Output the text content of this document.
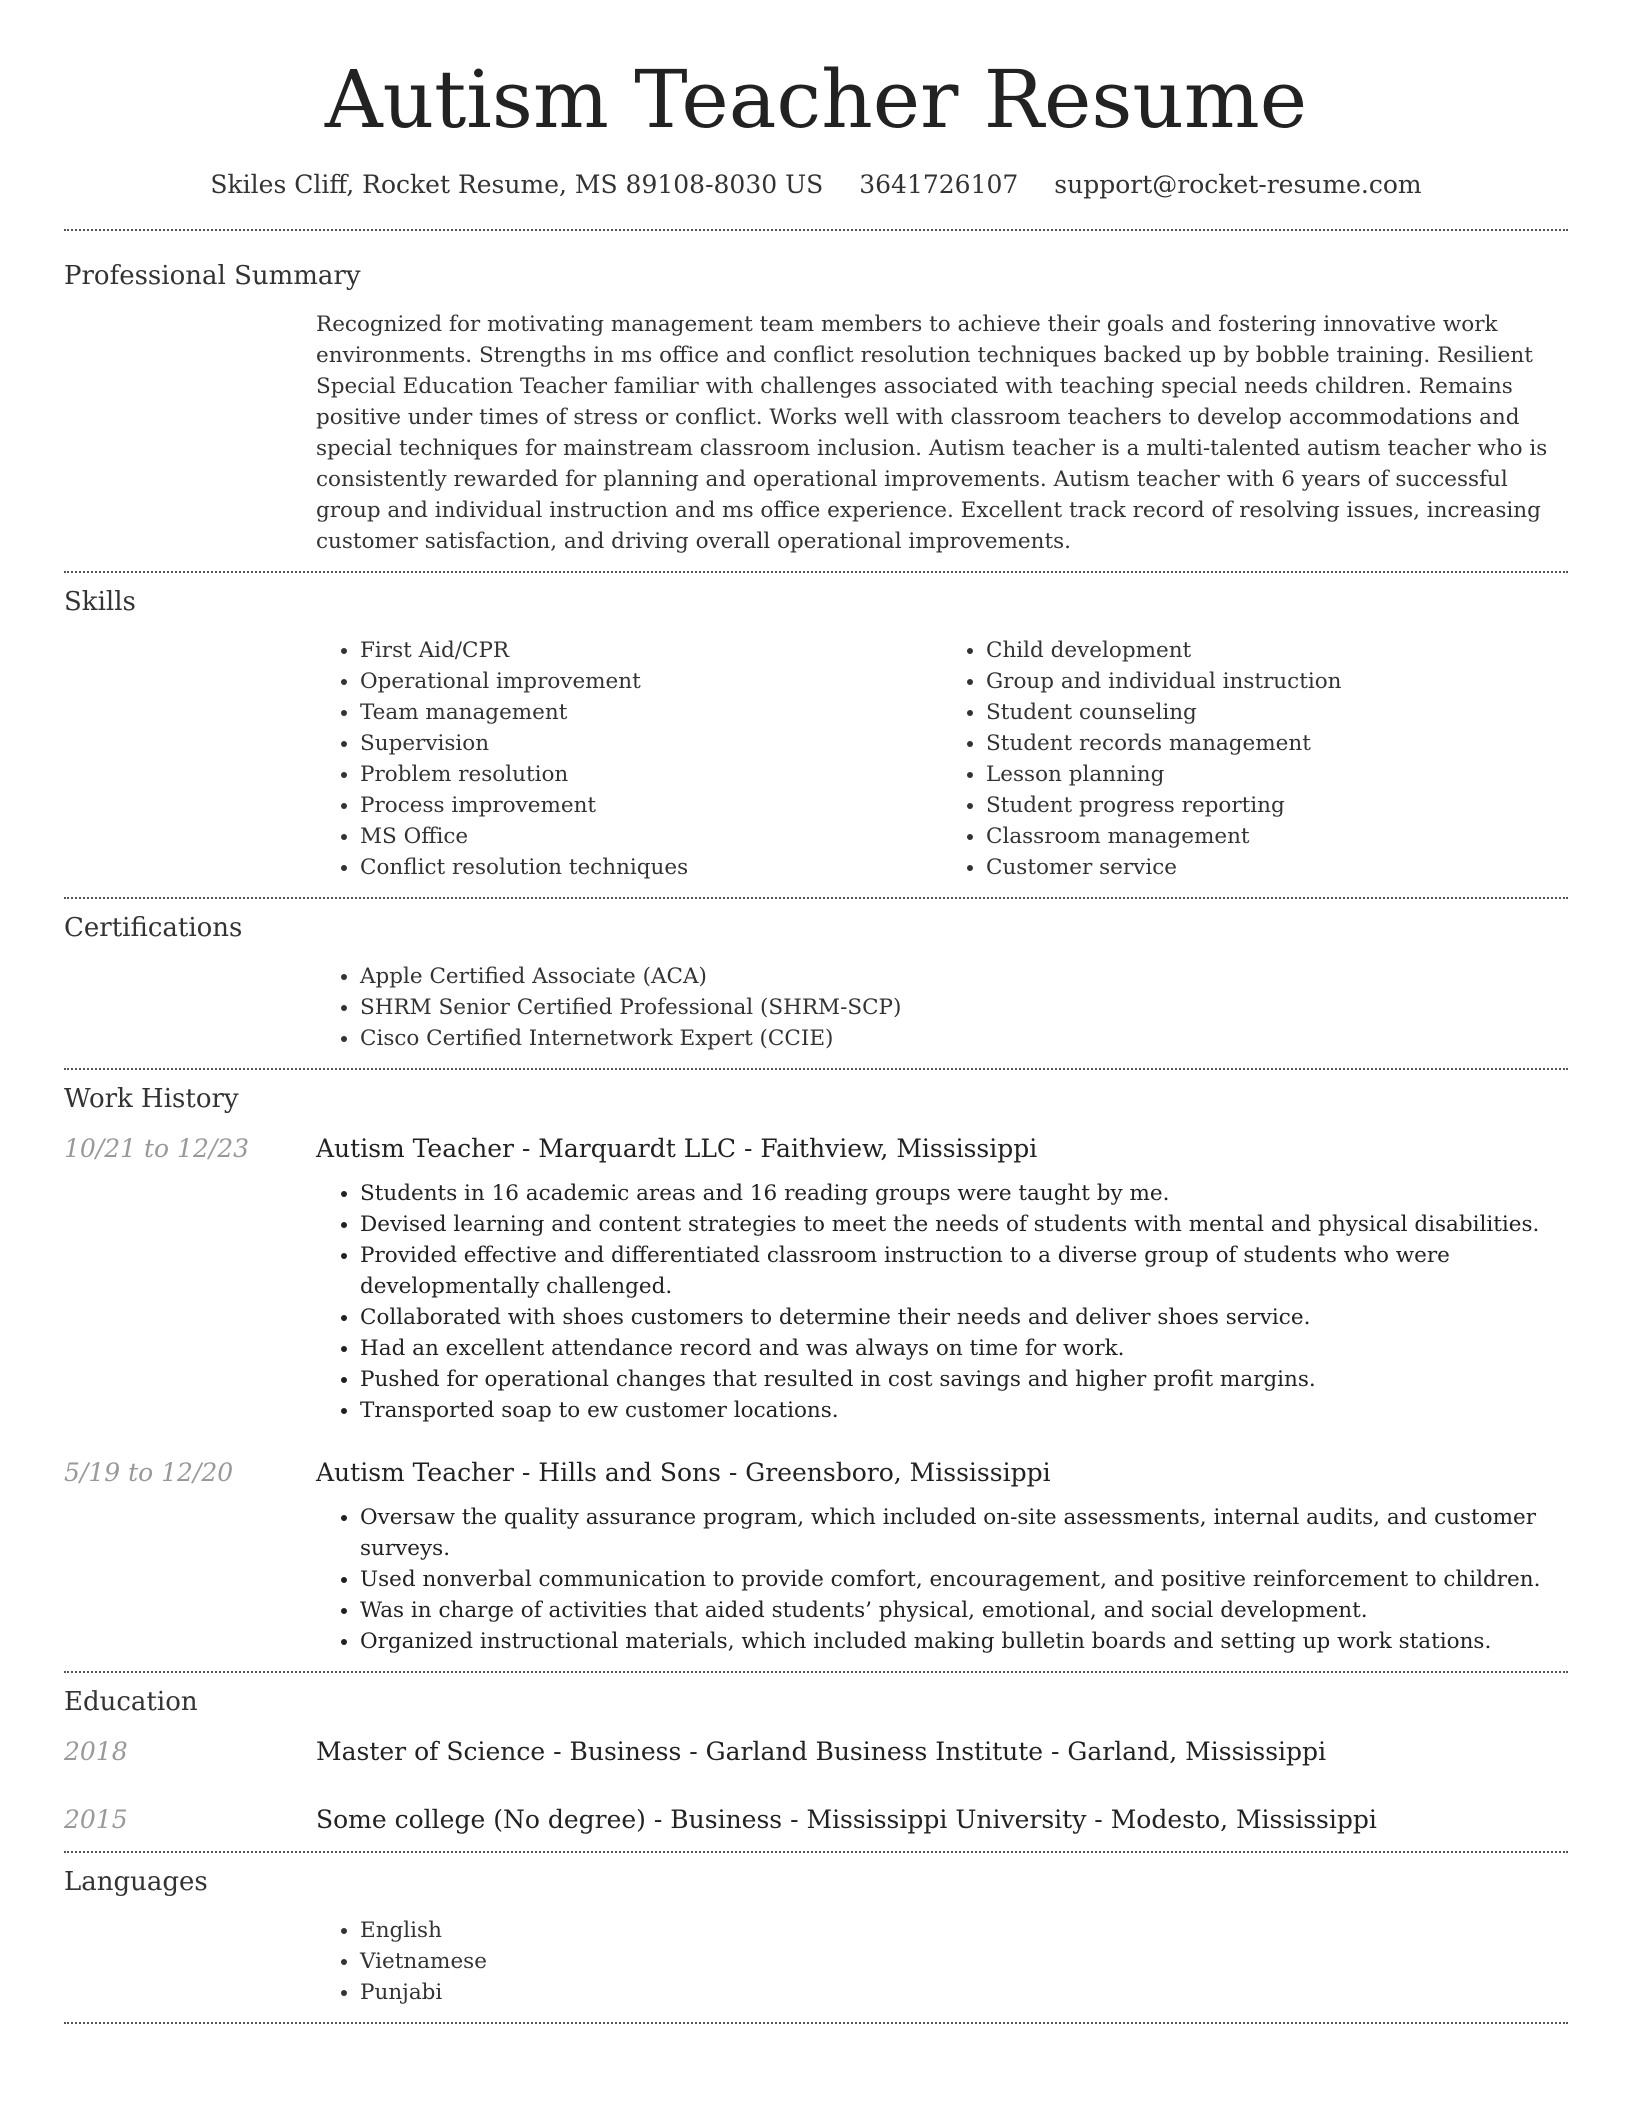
Autism Teacher Resume
Skiles Cliff, Rocket Resume, MS 89108-8030 US 3641726107 support@rocket-resume.com
Professional Summary

Recognized for motivating management team members to achieve their goals and fostering innovative work environments. Strengths in ms office and conflict resolution techniques backed up by bobble training. Resilient Special Education Teacher familiar with challenges associated with teaching special needs children. Remains positive under times of stress or conflict. Works well with classroom teachers to develop accommodations and special techniques for mainstream classroom inclusion. Autism teacher is a multi-talented autism teacher who is consistently rewarded for planning and operational improvements. Autism teacher with 6 years of successful group and individual instruction and ms office experience. Excellent track record of resolving issues, increasing customer satisfaction, and driving overall operational improvements.

Skills
• First Aid/CPR
• Operational improvement
• Team management
• Supervision
• Problem resolution
• Process improvement
• MS Office
• Conflict resolution techniques
• Child development
• Group and individual instruction
• Student counseling
• Student records management
• Lesson planning
• Student progress reporting
• Classroom management
• Customer service
Certifications
• Apple Certified Associate (ACA)
• SHRM Senior Certified Professional (SHRM-SCP)
• Cisco Certified Internetwork Expert (CCIE)
Work History
10/21 to 12/23	Autism Teacher - Marquardt LLC - Faithview, Mississippi
• Students in 16 academic areas and 16 reading groups were taught by me.
• Devised learning and content strategies to meet the needs of students with mental and physical disabilities.
• Provided effective and differentiated classroom instruction to a diverse group of students who were developmentally challenged.
• Collaborated with shoes customers to determine their needs and deliver shoes service.
• Had an excellent attendance record and was always on time for work.
• Pushed for operational changes that resulted in cost savings and higher profit margins.
• Transported soap to ew customer locations.
5/19 to 12/20	Autism Teacher - Hills and Sons - Greensboro, Mississippi
• Oversaw the quality assurance program, which included on-site assessments, internal audits, and customer surveys.
• Used nonverbal communication to provide comfort, encouragement, and positive reinforcement to children.
• Was in charge of activities that aided students’ physical, emotional, and social development.
• Organized instructional materials, which included making bulletin boards and setting up work stations.
Education
2018	Master of Science - Business - Garland Business Institute - Garland, Mississippi
2015	Some college (No degree) - Business - Mississippi University - Modesto, Mississippi
Languages
• English
• Vietnamese
• Punjabi
